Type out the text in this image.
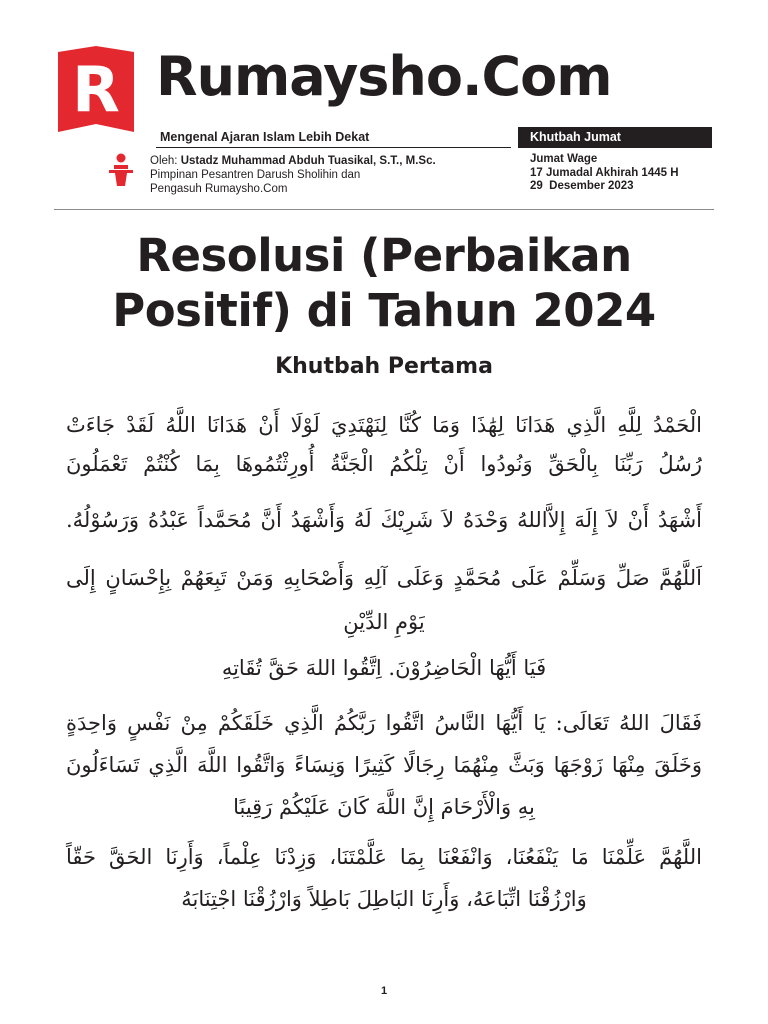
R Rumaysho.Com
Mengenal Ajaran Islam Lebih Dekat	Khutbah Jumat
Oleh: Ustadz Muhammad Abduh Tuasikal, S.T., M.Sc.
Pimpinan Pesantren Darush Sholihin dan
Pengasuh Rumaysho.Com
Jumat Wage
17 Jumadal Akhirah 1445 H
29  Desember 2023
Resolusi (Perbaikan
Positif) di Tahun 2024
Khutbah Pertama
الْحَمْدُ لِلَّهِ الَّذِي هَدَانَا لِهَٰذَا وَمَا كُنَّا لِنَهْتَدِيَ لَوْلَا أَنْ هَدَانَا اللَّهُ لَقَدْ جَاءَتْ
رُسُلُ رَبِّنَا بِالْحَقِّ وَنُودُوا أَنْ تِلْكُمُ الْجَنَّةُ أُورِثْتُمُوهَا بِمَا كُنْتُمْ تَعْمَلُونَ
أَشْهَدُ أَنْ لاَ إِلَهَ إِلاَّاللهُ وَحْدَهُ لاَ شَرِيْكَ لَهُ وَأَشْهَدُ أَنَّ مُحَمَّداً عَبْدُهُ وَرَسُوْلُهُ.
اَللَّهُمَّ صَلِّ وَسَلِّمْ عَلَى مُحَمَّدٍ وَعَلَى آلِهِ وَأَصْحَابِهِ وَمَنْ تَبِعَهُمْ بِإِحْسَانٍ إِلَى
يَوْمِ الدِّيْنِ
فَيَا أَيُّهَا الْحَاضِرُوْنَ. اِتَّقُوا اللهَ حَقَّ تُقَاتِهِ
فَقَالَ اللهُ تَعَالَى: يَا أَيُّهَا النَّاسُ اتَّقُوا رَبَّكُمُ الَّذِي خَلَقَكُمْ مِنْ نَفْسٍ وَاحِدَةٍ
وَخَلَقَ مِنْهَا زَوْجَهَا وَبَثَّ مِنْهُمَا رِجَالًا كَثِيرًا وَنِسَاءً وَاتَّقُوا اللَّهَ الَّذِي تَسَاءَلُونَ
بِهِ وَالْأَرْحَامَ إِنَّ اللَّهَ كَانَ عَلَيْكُمْ رَقِيبًا
اللَّهُمَّ عَلِّمْنَا مَا يَنْفَعُنَا، وَانْفَعْنَا بِمَا عَلَّمْتَنَا، وَزِدْنَا عِلْماً، وَأَرِنَا الحَقَّ حَقّاً
وَارْزُقْنَا اتِّبَاعَهُ، وَأَرِنَا البَاطِلَ بَاطِلاً وَارْزُقْنَا اجْتِنَابَهُ
1
